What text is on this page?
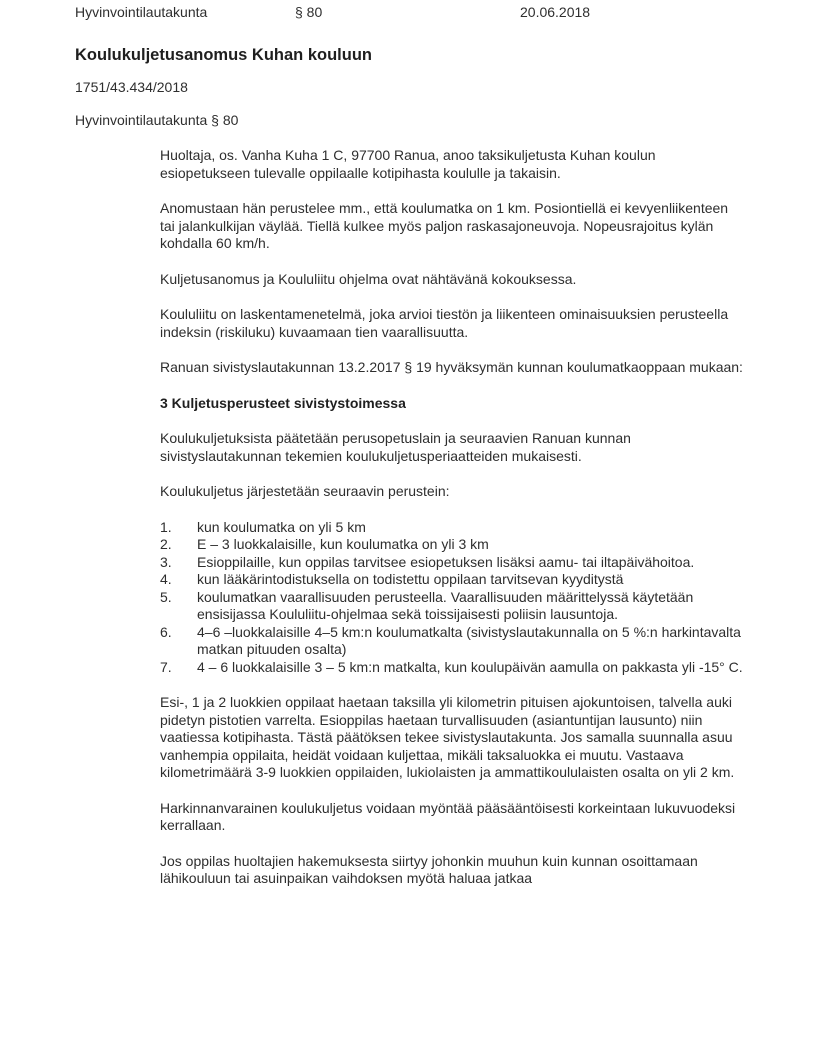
Hyvinvointilautakunta	§ 80	20.06.2018
Koulukuljetusanomus Kuhan kouluun
1751/43.434/2018
Hyvinvointilautakunta § 80

Huoltaja, os. Vanha Kuha 1 C, 97700 Ranua, anoo taksikuljetusta Kuhan koulun esiopetukseen tulevalle oppilaalle kotipihasta koululle ja takaisin.

Anomustaan hän perustelee mm., että koulumatka on 1 km. Posiontiellä ei kevyenliikenteen tai jalankulkijan väylää. Tiellä kulkee myös paljon raskasajoneuvoja. Nopeusrajoitus kylän kohdalla 60 km/h.

Kuljetusanomus ja Koululiitu ohjelma ovat nähtävänä kokouksessa.

Koululiitu on laskentamenetelmä, joka arvioi tiestön ja liikenteen ominaisuuksien perusteella indeksin (riskiluku) kuvaamaan tien vaarallisuutta.

Ranuan sivistyslautakunnan 13.2.2017 § 19 hyväksymän kunnan koulumatkaoppaan mukaan:

3 Kuljetusperusteet sivistystoimessa

Koulukuljetuksista päätetään perusopetuslain ja seuraavien Ranuan kunnan sivistyslautakunnan tekemien koulukuljetusperiaatteiden mukaisesti.

Koulukuljetus järjestetään seuraavin perustein:

kun koulumatka on yli 5 km
E – 3 luokkalaisille, kun koulumatka on yli 3 km
Esioppilaille, kun oppilas tarvitsee esiopetuksen lisäksi aamu- tai iltapäivähoitoa.
kun lääkärintodistuksella on todistettu oppilaan tarvitsevan kyyditystä
koulumatkan vaarallisuuden perusteella. Vaarallisuuden määrittelyssä käytetään ensisijassa Koululiitu-ohjelmaa sekä toissijaisesti poliisin lausuntoja.
4–6 –luokkalaisille 4–5 km:n koulumatkalta (sivistyslautakunnalla on 5 %:n harkintavalta matkan pituuden osalta)
4 – 6 luokkalaisille 3 – 5 km:n matkalta, kun koulupäivän aamulla on pakkasta yli -15° C.

Esi-, 1 ja 2 luokkien oppilaat haetaan taksilla yli kilometrin pituisen ajokuntoisen, talvella auki pidetyn pistotien varrelta. Esioppilas haetaan turvallisuuden (asiantuntijan lausunto) niin vaatiessa kotipihasta. Tästä päätöksen tekee sivistyslautakunta. Jos samalla suunnalla asuu vanhempia oppilaita, heidät voidaan kuljettaa, mikäli taksaluokka ei muutu. Vastaava kilometrimäärä 3-9 luokkien oppilaiden, lukiolaisten ja ammattikoululaisten osalta on yli 2 km.

Harkinnanvarainen koulukuljetus voidaan myöntää pääsääntöisesti korkeintaan lukuvuodeksi kerrallaan.

Jos oppilas huoltajien hakemuksesta siirtyy johonkin muuhun kuin kunnan osoittamaan lähikouluun tai asuinpaikan vaihdoksen myötä haluaa jatkaa
